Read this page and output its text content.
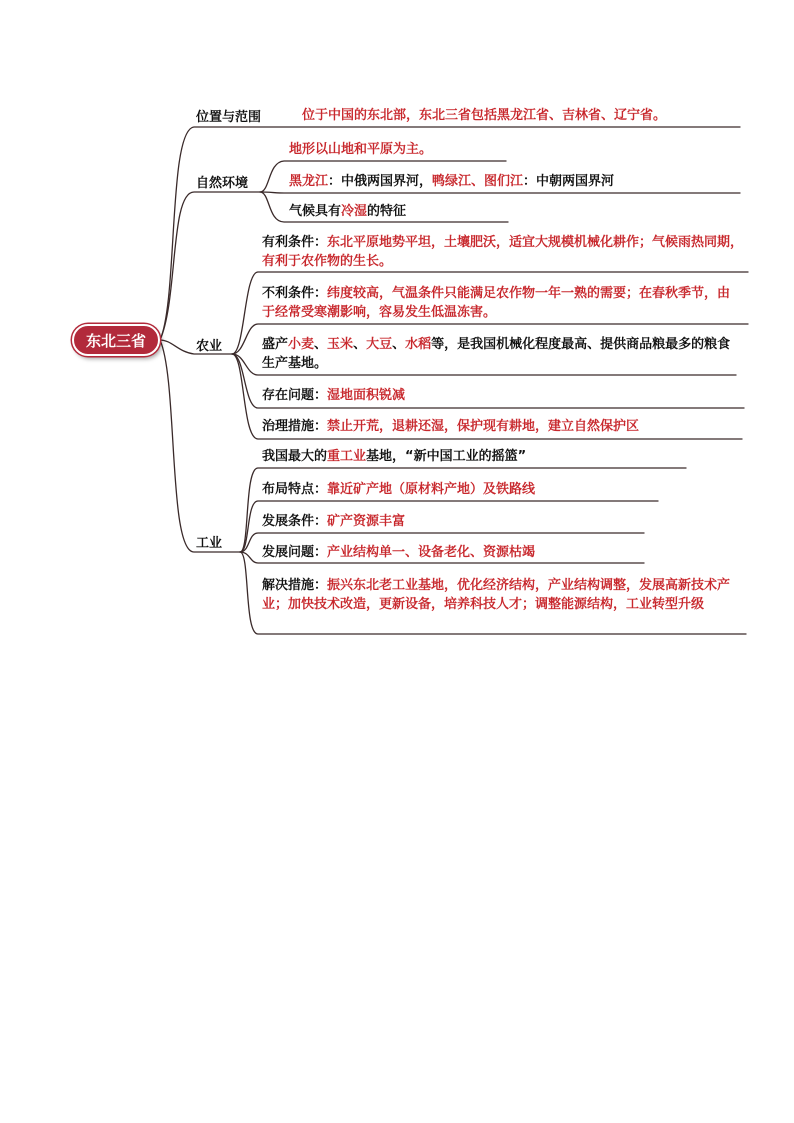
东北三省
位置与范围
自然环境
农业
工业
位于中国的东北部，东北三省包括黑龙江省、吉林省、辽宁省。
地形以山地和平原为主。
黑龙江：中俄两国界河，鸭绿江、图们江：中朝两国界河
气候具有冷湿的特征
有利条件：东北平原地势平坦，土壤肥沃，适宜大规模机械化耕作；气候雨热同期，有利于农作物的生长。
不利条件：纬度较高，气温条件只能满足农作物一年一熟的需要；在春秋季节，由于经常受寒潮影响，容易发生低温冻害。
盛产小麦、玉米、大豆、水稻等，是我国机械化程度最高、提供商品粮最多的粮食生产基地。
存在问题：湿地面积锐减
治理措施：禁止开荒，退耕还湿，保护现有耕地，建立自然保护区
我国最大的重工业基地，“新中国工业的摇篮”
布局特点：靠近矿产地（原材料产地）及铁路线
发展条件：矿产资源丰富
发展问题：产业结构单一、设备老化、资源枯竭
解决措施：振兴东北老工业基地，优化经济结构，产业结构调整，发展高新技术产业；加快技术改造，更新设备，培养科技人才；调整能源结构，工业转型升级
